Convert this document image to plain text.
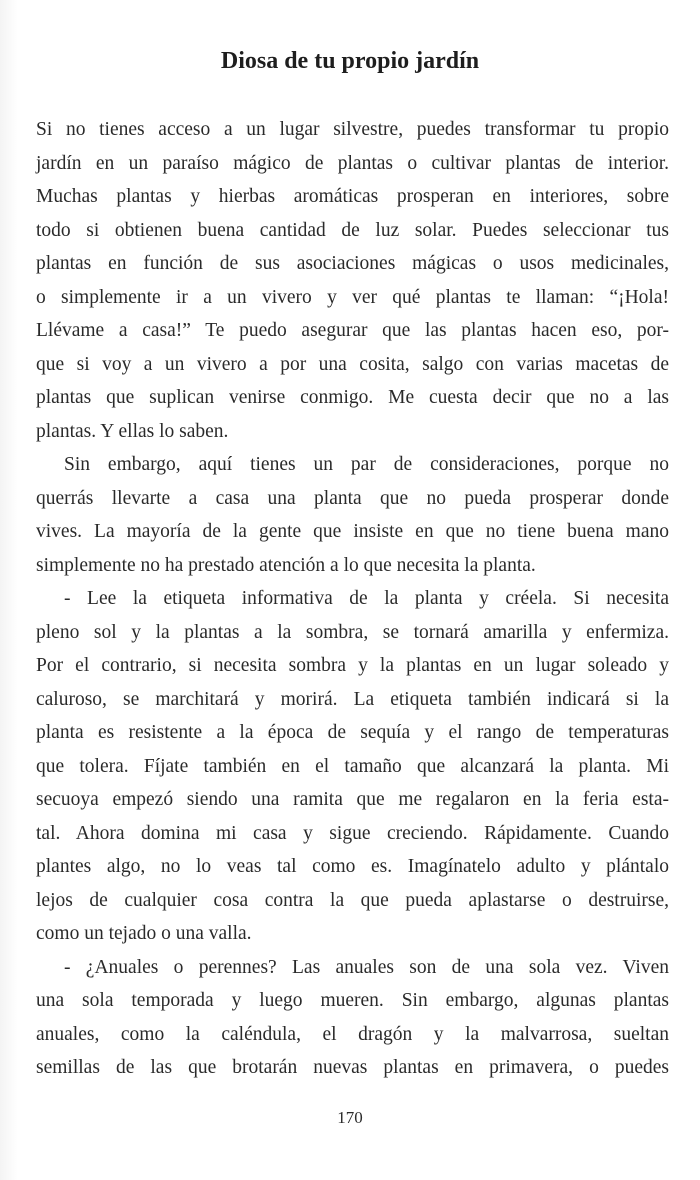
Diosa de tu propio jardín
Si no tienes acceso a un lugar silvestre, puedes transformar tu propio
jardín en un paraíso mágico de plantas o cultivar plantas de interior.
Muchas plantas y hierbas aromáticas prosperan en interiores, sobre
todo si obtienen buena cantidad de luz solar. Puedes seleccionar tus
plantas en función de sus asociaciones mágicas o usos medicinales,
o simplemente ir a un vivero y ver qué plantas te llaman: “¡Hola!
Llévame a casa!” Te puedo asegurar que las plantas hacen eso, por-
que si voy a un vivero a por una cosita, salgo con varias macetas de
plantas que suplican venirse conmigo. Me cuesta decir que no a las
plantas. Y ellas lo saben.
Sin embargo, aquí tienes un par de consideraciones, porque no
querrás llevarte a casa una planta que no pueda prosperar donde
vives. La mayoría de la gente que insiste en que no tiene buena mano
simplemente no ha prestado atención a lo que necesita la planta.
- Lee la etiqueta informativa de la planta y créela. Si necesita
pleno sol y la plantas a la sombra, se tornará amarilla y enfermiza.
Por el contrario, si necesita sombra y la plantas en un lugar soleado y
caluroso, se marchitará y morirá. La etiqueta también indicará si la
planta es resistente a la época de sequía y el rango de temperaturas
que tolera. Fíjate también en el tamaño que alcanzará la planta. Mi
secuoya empezó siendo una ramita que me regalaron en la feria esta-
tal. Ahora domina mi casa y sigue creciendo. Rápidamente. Cuando
plantes algo, no lo veas tal como es. Imagínatelo adulto y plántalo
lejos de cualquier cosa contra la que pueda aplastarse o destruirse,
como un tejado o una valla.
- ¿Anuales o perennes? Las anuales son de una sola vez. Viven
una sola temporada y luego mueren. Sin embargo, algunas plantas
anuales, como la caléndula, el dragón y la malvarrosa, sueltan
semillas de las que brotarán nuevas plantas en primavera, o puedes
170
